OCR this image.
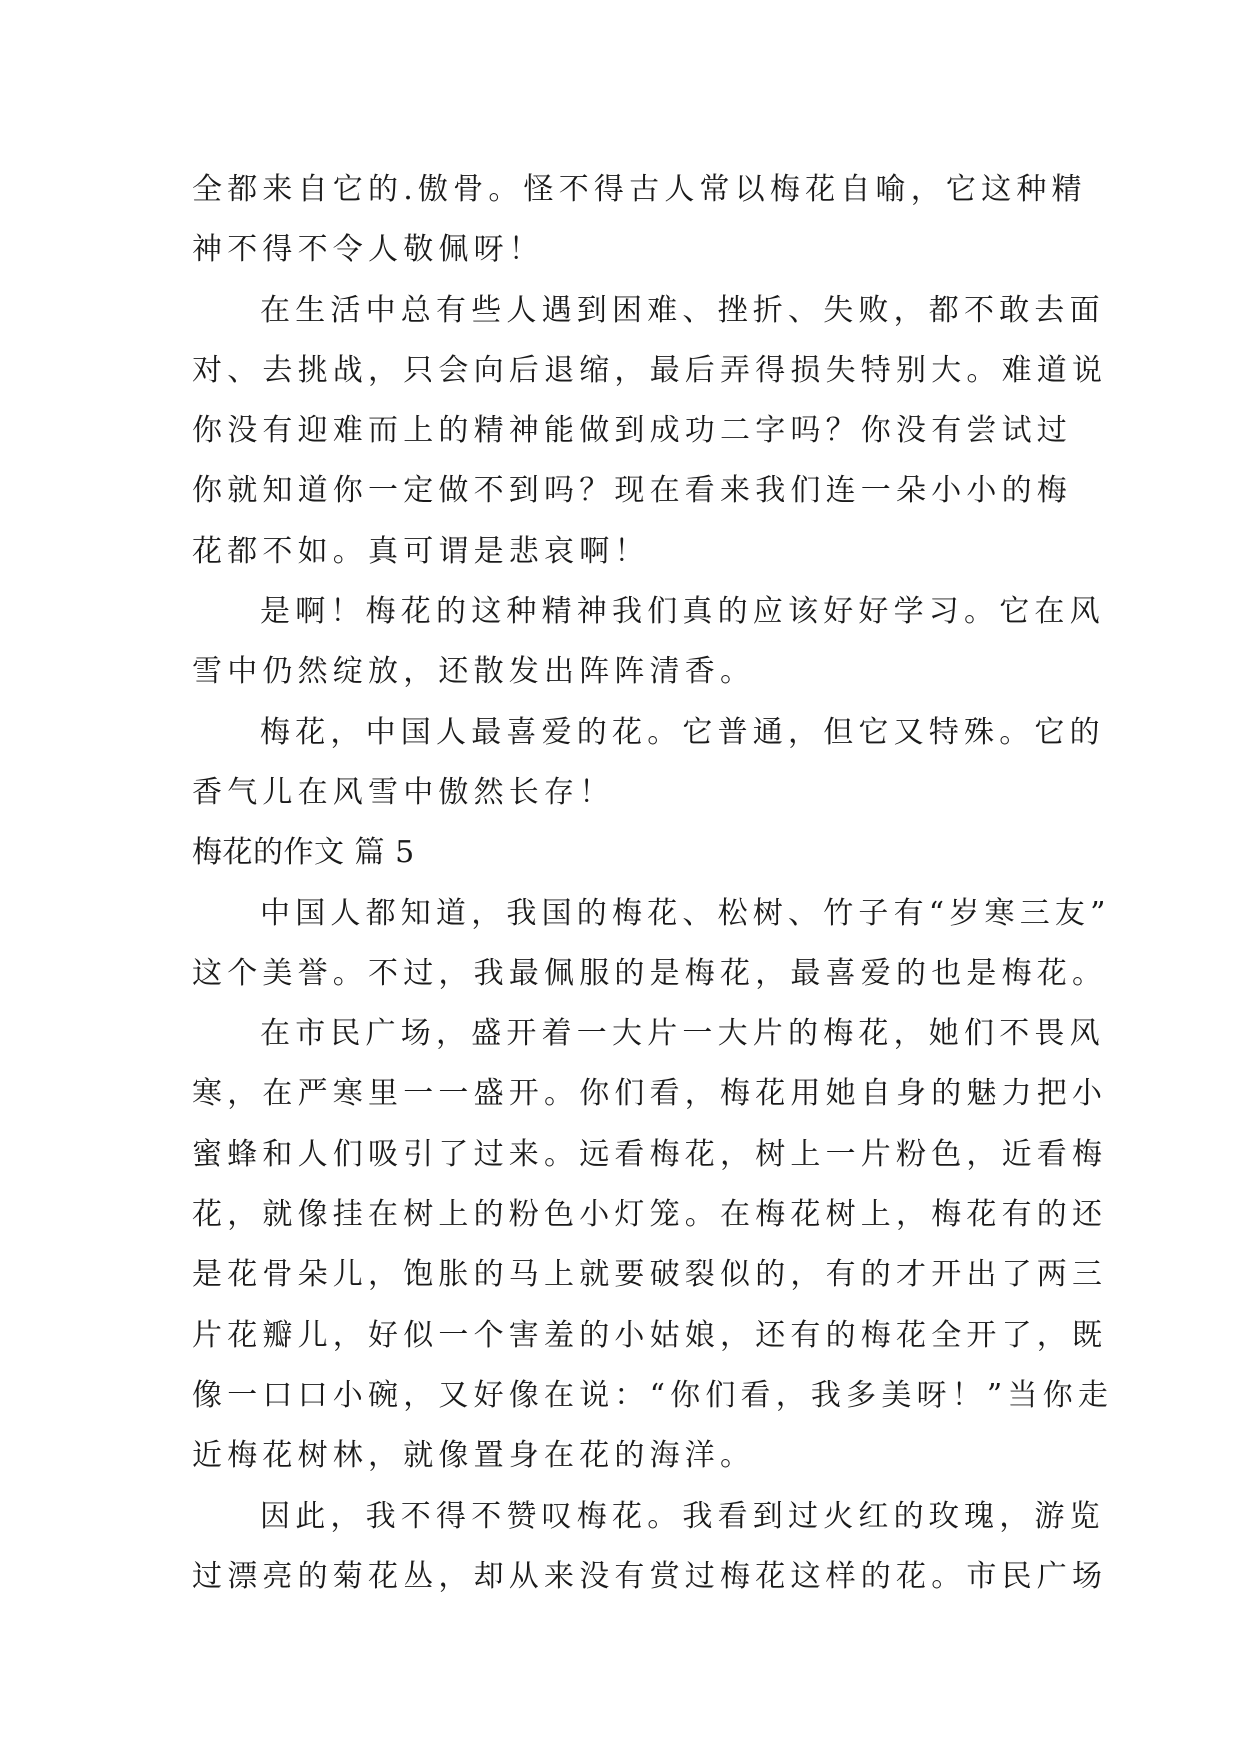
全都来自它的.傲骨。怪不得古人常以梅花自喻，它这种精
神不得不令人敬佩呀！
在生活中总有些人遇到困难、挫折、失败，都不敢去面
对、去挑战，只会向后退缩，最后弄得损失特别大。难道说
你没有迎难而上的精神能做到成功二字吗？你没有尝试过
你就知道你一定做不到吗？现在看来我们连一朵小小的梅
花都不如。真可谓是悲哀啊！
是啊！梅花的这种精神我们真的应该好好学习。它在风
雪中仍然绽放，还散发出阵阵清香。
梅花，中国人最喜爱的花。它普通，但它又特殊。它的
香气儿在风雪中傲然长存！
梅花的作文 篇 5
中国人都知道，我国的梅花、松树、竹子有“岁寒三友”
这个美誉。不过，我最佩服的是梅花，最喜爱的也是梅花。
在市民广场，盛开着一大片一大片的梅花，她们不畏风
寒，在严寒里一一盛开。你们看，梅花用她自身的魅力把小
蜜蜂和人们吸引了过来。远看梅花，树上一片粉色，近看梅
花，就像挂在树上的粉色小灯笼。在梅花树上，梅花有的还
是花骨朵儿，饱胀的马上就要破裂似的，有的才开出了两三
片花瓣儿，好似一个害羞的小姑娘，还有的梅花全开了，既
像一口口小碗，又好像在说：“你们看，我多美呀！”当你走
近梅花树林，就像置身在花的海洋。
因此，我不得不赞叹梅花。我看到过火红的玫瑰，游览
过漂亮的菊花丛，却从来没有赏过梅花这样的花。市民广场
